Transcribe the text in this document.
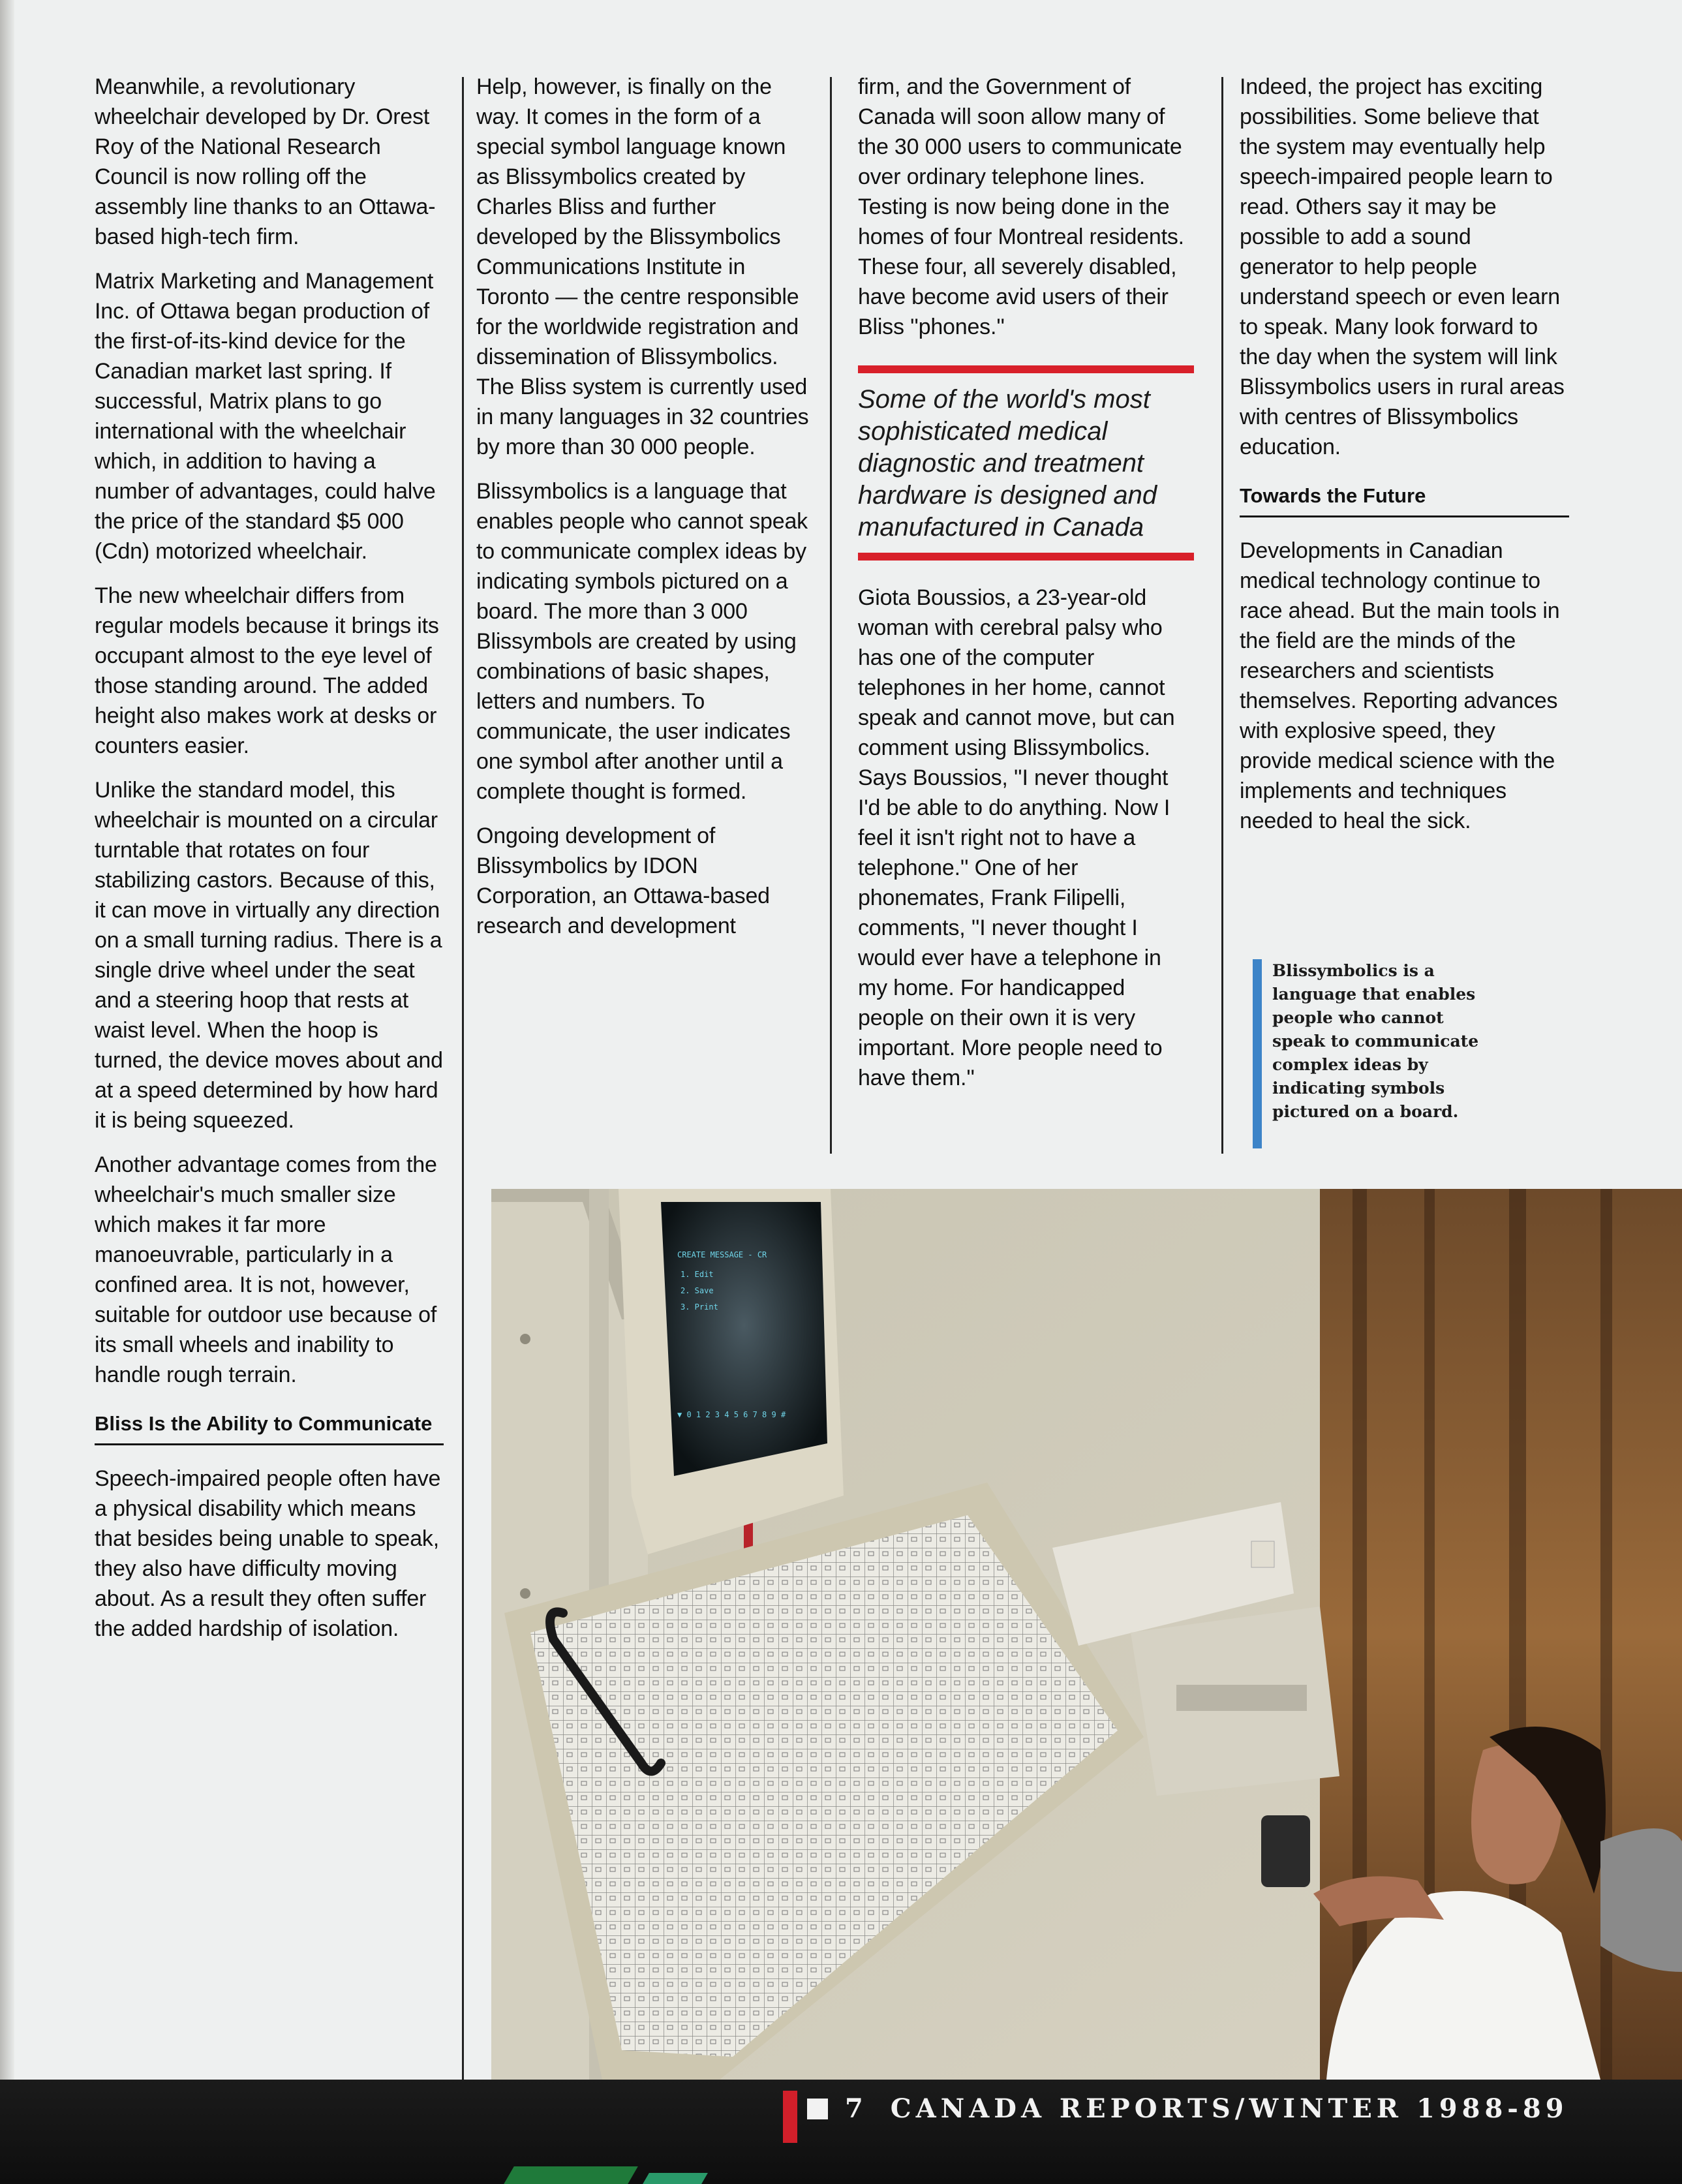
Meanwhile, a revolutionary wheelchair developed by Dr. Orest Roy of the National Research Council is now rolling off the assembly line thanks to an Ottawa-based high-tech firm.

Matrix Marketing and Management Inc. of Ottawa began production of the first-of-its-kind device for the Canadian market last spring. If successful, Matrix plans to go international with the wheelchair which, in addition to having a number of advantages, could halve the price of the standard $5 000 (Cdn) motorized wheelchair.

The new wheelchair differs from regular models because it brings its occupant almost to the eye level of those standing around. The added height also makes work at desks or counters easier.

Unlike the standard model, this wheelchair is mounted on a circular turntable that rotates on four stabilizing castors. Because of this, it can move in virtually any direction on a small turning radius. There is a single drive wheel under the seat and a steering hoop that rests at waist level. When the hoop is turned, the device moves about and at a speed determined by how hard it is being squeezed.

Another advantage comes from the wheelchair's much smaller size which makes it far more manoeuvrable, particularly in a confined area. It is not, however, suitable for outdoor use because of its small wheels and inability to handle rough terrain.

Bliss Is the Ability to Communicate

Speech-impaired people often have a physical disability which means that besides being unable to speak, they also have difficulty moving about. As a result they often suffer the added hardship of isolation.

Help, however, is finally on the way. It comes in the form of a special symbol language known as Blissymbolics created by Charles Bliss and further developed by the Blissymbolics Communications Institute in Toronto — the centre responsible for the worldwide registration and dissemination of Blissymbolics. The Bliss system is currently used in many languages in 32 countries by more than 30 000 people.

Blissymbolics is a language that enables people who cannot speak to communicate complex ideas by indicating symbols pictured on a board. The more than 3 000 Blissymbols are created by using combinations of basic shapes, letters and numbers. To communicate, the user indicates one symbol after another until a complete thought is formed.

Ongoing development of Blissymbolics by IDON Corporation, an Ottawa-based research and development

firm, and the Government of Canada will soon allow many of the 30 000 users to communicate over ordinary telephone lines. Testing is now being done in the homes of four Montreal residents. These four, all severely disabled, have become avid users of their Bliss ''phones.''

Some of the world's most sophisticated medical diagnostic and treatment hardware is designed and manufactured in Canada

Giota Boussios, a 23-year-old woman with cerebral palsy who has one of the computer telephones in her home, cannot speak and cannot move, but can comment using Blissymbolics. Says Boussios, ''I never thought I'd be able to do anything. Now I feel it isn't right not to have a telephone.'' One of her phonemates, Frank Filipelli, comments, ''I never thought I would ever have a telephone in my home. For handicapped people on their own it is very important. More people need to have them.''

Indeed, the project has exciting possibilities. Some believe that the system may eventually help speech-impaired people learn to read. Others say it may be possible to add a sound generator to help people understand speech or even learn to speak. Many look forward to the day when the system will link Blissymbolics users in rural areas with centres of Blissymbolics education.

Towards the Future

Developments in Canadian medical technology continue to race ahead. But the main tools in the field are the minds of the researchers and scientists themselves. Reporting advances with explosive speed, they provide medical science with the implements and techniques needed to heal the sick.

Blissymbolics is a language that enables people who cannot speak to communicate complex ideas by indicating symbols pictured on a board.
CREATE MESSAGE - CR
1. Edit
2. Save
3. Print
▼ 0 1 2 3 4 5 6 7 8 9 #
7 CANADA REPORTS/WINTER 1988-89
